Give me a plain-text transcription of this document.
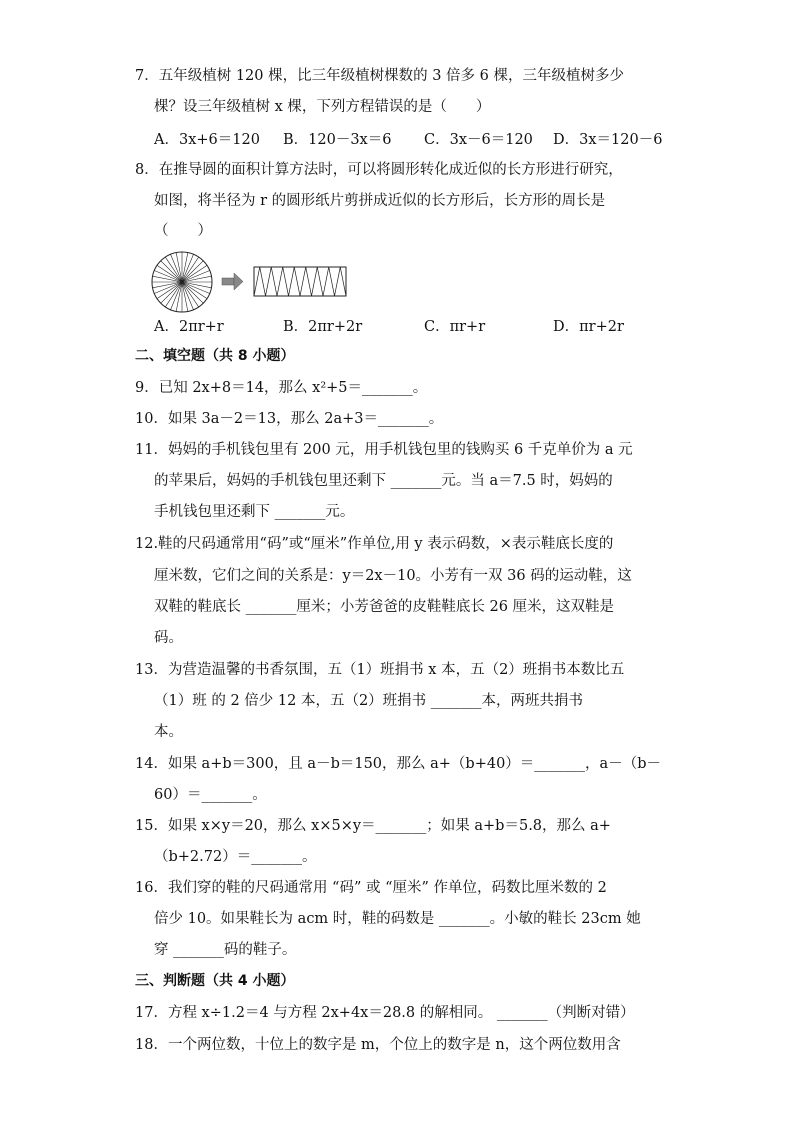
7．五年级植树 120 棵，比三年级植树棵数的 3 倍多 6 棵，三年级植树多少
棵？设三年级植树 x 棵，下列方程错误的是（　　）
A．3x+6＝120 B．120－3x＝6 C．3x－6＝120 D．3x＝120－6
8．在推导圆的面积计算方法时，可以将圆形转化成近似的长方形进行研究，
如图，将半径为 r 的圆形纸片剪拼成近似的长方形后，长方形的周长是
（　　）
A．2πr+r	B．2πr+2r	C．πr+r	D．πr+2r
二、填空题（共 8 小题）
9．已知 2x+8＝14，那么 x²+5＝_______。
10．如果 3a－2＝13，那么 2a+3＝_______。
11．妈妈的手机钱包里有 200 元，用手机钱包里的钱购买 6 千克单价为 a 元
的苹果后，妈妈的手机钱包里还剩下 _______元。当 a＝7.5 时，妈妈的
手机钱包里还剩下 _______元。
12.鞋的尺码通常用“码”或“厘米”作单位,用 y 表示码数，×表示鞋底长度的
厘米数，它们之间的关系是：y＝2x－10。小芳有一双 36 码的运动鞋，这
双鞋的鞋底长 _______厘米；小芳爸爸的皮鞋鞋底长 26 厘米，这双鞋是
码。
13．为营造温馨的书香氛围，五（1）班捐书 x 本，五（2）班捐书本数比五
（1）班 的 2 倍少 12 本，五（2）班捐书 _______本，两班共捐书
本。
14．如果 a+b＝300，且 a－b＝150，那么 a+（b+40）＝_______，a－（b－
60）＝_______。
15．如果 x×y＝20，那么 x×5×y＝_______；如果 a+b＝5.8，那么 a+
（b+2.72）＝_______。
16．我们穿的鞋的尺码通常用 “码” 或 “厘米” 作单位，码数比厘米数的 2
倍少 10。如果鞋长为 acm 时，鞋的码数是 _______。小敏的鞋长 23cm 她
穿 _______码的鞋子。
三、判断题（共 4 小题）
17．方程 x÷1.2＝4 与方程 2x+4x＝28.8 的解相同。 _______（判断对错）
18．一个两位数，十位上的数字是 m，个位上的数字是 n，这个两位数用含
